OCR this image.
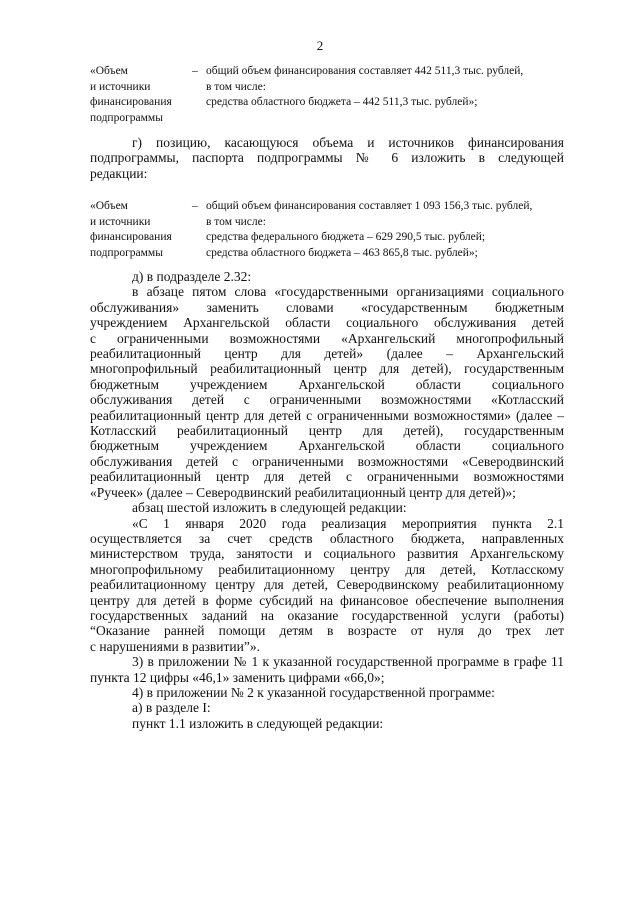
2
«Объем	– общий объем финансирования составляет 442 511,3 тыс. рублей,
и источники	в том числе:
финансирования	средства областного бюджета – 442 511,3 тыс. рублей»;
подпрограммы

г) позицию, касающуюся объема и источников финансирования

подпрограммы, паспорта подпрограммы № 6 изложить в следующей

редакции:

«Объем	– общий объем финансирования составляет 1 093 156,3 тыс. рублей,
и источники	в том числе:
финансирования	средства федерального бюджета – 629 290,5 тыс. рублей;
подпрограммы	средства областного бюджета – 463 865,8 тыс. рублей»;

д) в подразделе 2.32:

в абзаце пятом слова «государственными организациями социального

обслуживания» заменить словами «государственным бюджетным

учреждением Архангельской области социального обслуживания детей

с ограниченными возможностями «Архангельский многопрофильный

реабилитационный центр для детей» (далее – Архангельский

многопрофильный реабилитационный центр для детей), государственным

бюджетным учреждением Архангельской области социального

обслуживания детей с ограниченными возможностями «Котласский

реабилитационный центр для детей с ограниченными возможностями» (далее –

Котласский реабилитационный центр для детей), государственным

бюджетным учреждением Архангельской области социального

обслуживания детей с ограниченными возможностями «Северодвинский

реабилитационный центр для детей с ограниченными возможностями

«Ручеек» (далее – Северодвинский реабилитационный центр для детей)»;

абзац шестой изложить в следующей редакции:

«С 1 января 2020 года реализация мероприятия пункта 2.1

осуществляется за счет средств областного бюджета, направленных

министерством труда, занятости и социального развития Архангельскому

многопрофильному реабилитационному центру для детей, Котласскому

реабилитационному центру для детей, Северодвинскому реабилитационному

центру для детей в форме субсидий на финансовое обеспечение выполнения

государственных заданий на оказание государственной услуги (работы)

“Оказание ранней помощи детям в возрасте от нуля до трех лет

с нарушениями в развитии”».

3) в приложении № 1 к указанной государственной программе в графе 11

пункта 12 цифры «46,1» заменить цифрами «66,0»;

4) в приложении № 2 к указанной государственной программе:

а) в разделе I:

пункт 1.1 изложить в следующей редакции:
